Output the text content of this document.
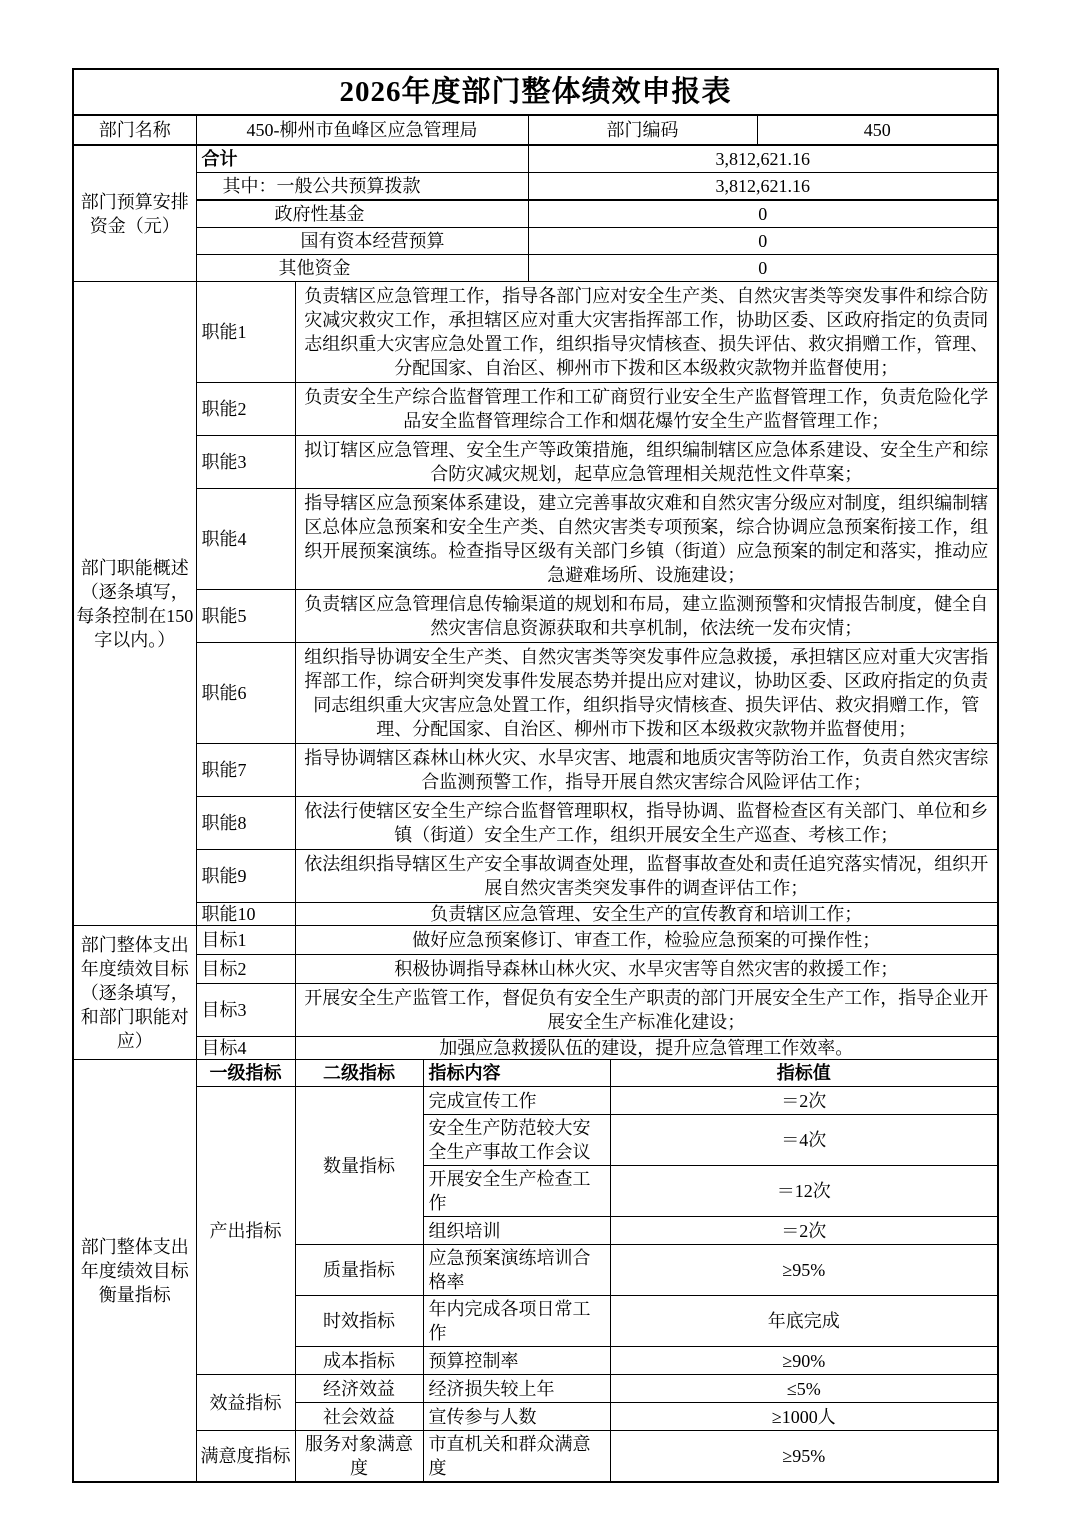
2026年度部门整体绩效申报表						
部门名称	450-柳州市鱼峰区应急管理局			部门编码		450
部门预算安排资金（元）	合计			3,812,621.16		
	其中：一般公共预算拨款			3,812,621.16		
	政府性基金			0		
	国有资本经营预算			0		
	其他资金			0		
部门职能概述（逐条填写，每条控制在150字以内。）	职能1	负责辖区应急管理工作，指导各部门应对安全生产类、自然灾害类等突发事件和综合防灾减灾救灾工作，承担辖区应对重大灾害指挥部工作，协助区委、区政府指定的负责同志组织重大灾害应急处置工作，组织指导灾情核查、损失评估、救灾捐赠工作，管理、分配国家、自治区、柳州市下拨和区本级救灾款物并监督使用；				
	职能2	负责安全生产综合监督管理工作和工矿商贸行业安全生产监督管理工作，负责危险化学品安全监督管理综合工作和烟花爆竹安全生产监督管理工作；				
	职能3	拟订辖区应急管理、安全生产等政策措施，组织编制辖区应急体系建设、安全生产和综合防灾减灾规划，起草应急管理相关规范性文件草案；				
	职能4	指导辖区应急预案体系建设，建立完善事故灾难和自然灾害分级应对制度，组织编制辖区总体应急预案和安全生产类、自然灾害类专项预案，综合协调应急预案衔接工作，组织开展预案演练。检查指导区级有关部门乡镇（街道）应急预案的制定和落实，推动应急避难场所、设施建设；				
	职能5	负责辖区应急管理信息传输渠道的规划和布局，建立监测预警和灾情报告制度，健全自然灾害信息资源获取和共享机制，依法统一发布灾情；				
	职能6	组织指导协调安全生产类、自然灾害类等突发事件应急救援，承担辖区应对重大灾害指挥部工作，综合研判突发事件发展态势并提出应对建议，协助区委、区政府指定的负责同志组织重大灾害应急处置工作，组织指导灾情核查、损失评估、救灾捐赠工作，管理、分配国家、自治区、柳州市下拨和区本级救灾款物并监督使用；				
	职能7	指导协调辖区森林山林火灾、水旱灾害、地震和地质灾害等防治工作，负责自然灾害综合监测预警工作，指导开展自然灾害综合风险评估工作；				
	职能8	依法行使辖区安全生产综合监督管理职权，指导协调、监督检查区有关部门、单位和乡镇（街道）安全生产工作，组织开展安全生产巡查、考核工作；				
	职能9	依法组织指导辖区生产安全事故调查处理，监督事故查处和责任追究落实情况，组织开展自然灾害类突发事件的调查评估工作；				
	职能10	负责辖区应急管理、安全生产的宣传教育和培训工作；				
部门整体支出年度绩效目标（逐条填写，和部门职能对应）	目标1	做好应急预案修订、审查工作，检验应急预案的可操作性；				
	目标2	积极协调指导森林山林火灾、水旱灾害等自然灾害的救援工作；				
	目标3	开展安全生产监管工作，督促负有安全生产职责的部门开展安全生产工作，指导企业开展安全生产标准化建设；				
	目标4	加强应急救援队伍的建设，提升应急管理工作效率。				
部门整体支出年度绩效目标衡量指标	一级指标	二级指标	指标内容		指标值	
	产出指标	数量指标	完成宣传工作		＝2次	
			安全生产防范较大安全生产事故工作会议		＝4次	
			开展安全生产检查工作		＝12次	
			组织培训		＝2次	
		质量指标	应急预案演练培训合格率		≥95%	
		时效指标	年内完成各项日常工作		年底完成	
		成本指标	预算控制率		≥90%	
	效益指标	经济效益	经济损失较上年		≤5%	
		社会效益	宣传参与人数		≥1000人	
	满意度指标	服务对象满意度	市直机关和群众满意度		≥95%	
